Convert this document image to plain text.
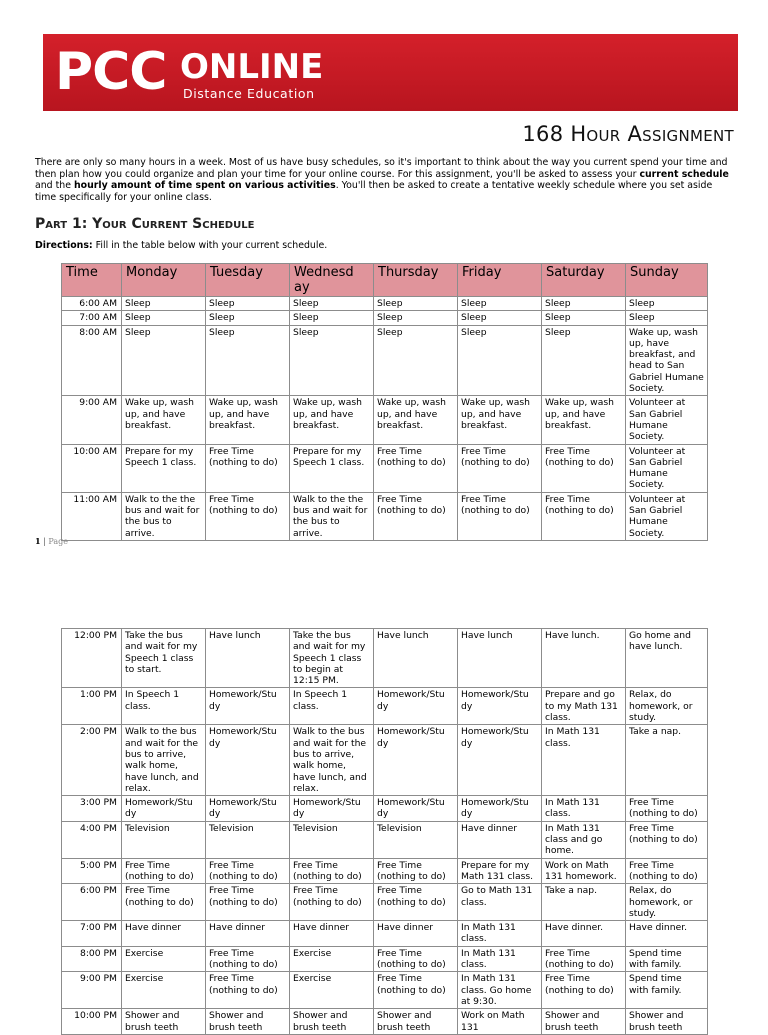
PCC ONLINE
Distance Education
168 Hour Assignment

There are only so many hours in a week. Most of us have busy schedules, so it's important to think about the way you current spend your time and then plan how you could organize and plan your time for your online course. For this assignment, you'll be asked to assess your current schedule and the hourly amount of time spent on various activities. You'll then be asked to create a tentative weekly schedule where you set aside time specifically for your online class.

Part 1: Your Current Schedule

Directions: Fill in the table below with your current schedule.

Time	Monday	Tuesday	Wednesd ay	Thursday	Friday	Saturday	Sunday
6:00 AM	Sleep	Sleep	Sleep	Sleep	Sleep	Sleep	Sleep
7:00 AM	Sleep	Sleep	Sleep	Sleep	Sleep	Sleep	Sleep
8:00 AM	Sleep	Sleep	Sleep	Sleep	Sleep	Sleep	Wake up, wash up, have breakfast, and head to San Gabriel Humane Society.
9:00 AM	Wake up, wash up, and have breakfast.	Wake up, wash up, and have breakfast.	Wake up, wash up, and have breakfast.	Wake up, wash up, and have breakfast.	Wake up, wash up, and have breakfast.	Wake up, wash up, and have breakfast.	Volunteer at San Gabriel Humane Society.
10:00 AM	Prepare for my Speech 1 class.	Free Time (nothing to do)	Prepare for my Speech 1 class.	Free Time (nothing to do)	Free Time (nothing to do)	Free Time (nothing to do)	Volunteer at San Gabriel Humane Society.
11:00 AM	Walk to the the bus and wait for the bus to arrive.	Free Time (nothing to do)	Walk to the the bus and wait for the bus to arrive.	Free Time (nothing to do)	Free Time (nothing to do)	Free Time (nothing to do)	Volunteer at San Gabriel Humane Society.
1 | Page
12:00 PM	Take the bus and wait for my Speech 1 class to start.	Have lunch	Take the bus and wait for my Speech 1 class to begin at 12:15 PM.	Have lunch	Have lunch	Have lunch.	Go home and have lunch.
1:00 PM	In Speech 1 class.	Homework/Stu dy	In Speech 1 class.	Homework/Stu dy	Homework/Stu dy	Prepare and go to my Math 131 class.	Relax, do homework, or study.
2:00 PM	Walk to the bus and wait for the bus to arrive, walk home, have lunch, and relax.	Homework/Stu dy	Walk to the bus and wait for the bus to arrive, walk home, have lunch, and relax.	Homework/Stu dy	Homework/Stu dy	In Math 131 class.	Take a nap.
3:00 PM	Homework/Stu dy	Homework/Stu dy	Homework/Stu dy	Homework/Stu dy	Homework/Stu dy	In Math 131 class.	Free Time (nothing to do)
4:00 PM	Television	Television	Television	Television	Have dinner	In Math 131 class and go home.	Free Time (nothing to do)
5:00 PM	Free Time (nothing to do)	Free Time (nothing to do)	Free Time (nothing to do)	Free Time (nothing to do)	Prepare for my Math 131 class.	Work on Math 131 homework.	Free Time (nothing to do)
6:00 PM	Free Time (nothing to do)	Free Time (nothing to do)	Free Time (nothing to do)	Free Time (nothing to do)	Go to Math 131 class.	Take a nap.	Relax, do homework, or study.
7:00 PM	Have dinner	Have dinner	Have dinner	Have dinner	In Math 131 class.	Have dinner.	Have dinner.
8:00 PM	Exercise	Free Time (nothing to do)	Exercise	Free Time (nothing to do)	In Math 131 class.	Free Time (nothing to do)	Spend time with family.
9:00 PM	Exercise	Free Time (nothing to do)	Exercise	Free Time (nothing to do)	In Math 131 class. Go home at 9:30.	Free Time (nothing to do)	Spend time with family.
10:00 PM	Shower and brush teeth	Shower and brush teeth	Shower and brush teeth	Shower and brush teeth	Work on Math 131	Shower and brush teeth	Shower and brush teeth
